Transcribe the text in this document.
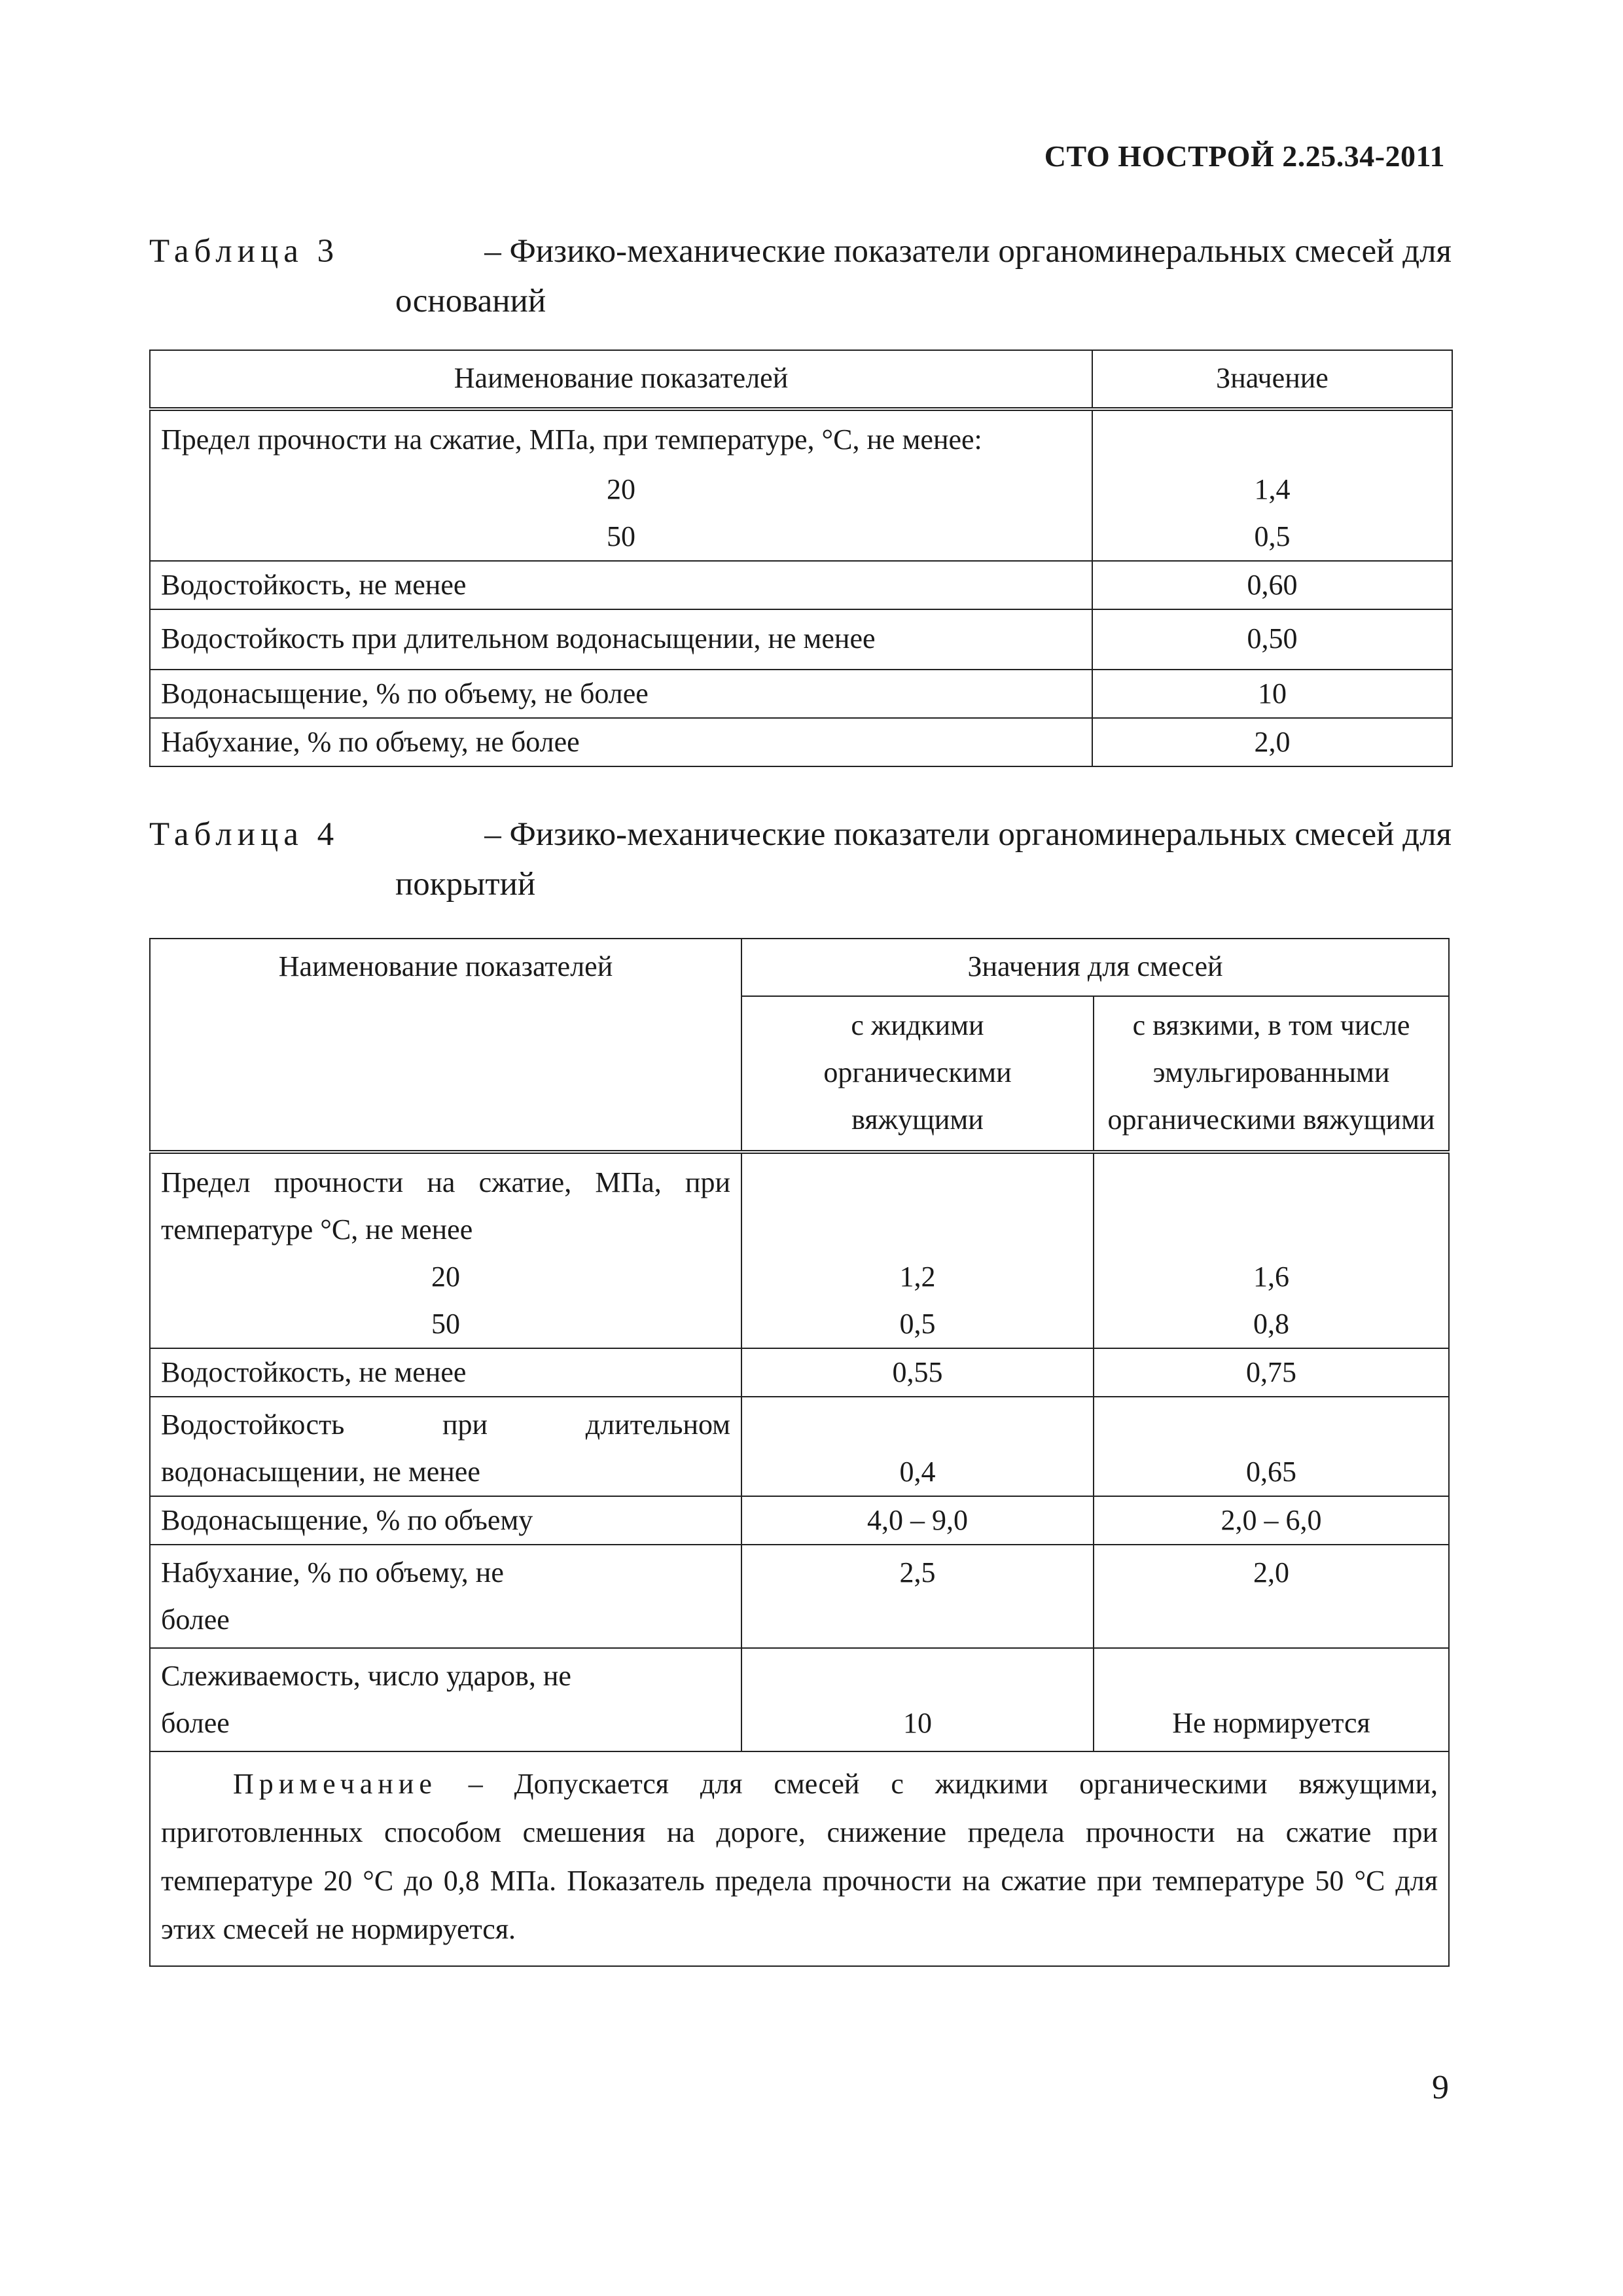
СТО НОСТРОЙ 2.25.34-2011
Таблица 3	– Физико-механические показатели органоминеральных смесей для
оснований
Наименование показателей	Значение
Предел прочности на сжатие, МПа, при температуре, °С, не менее:	
20	1,4
50	0,5
Водостойкость, не менее	0,60
Водостойкость при длительном водонасыщении, не менее	0,50
Водонасыщение, % по объему, не более	10
Набухание, % по объему, не более	2,0
Таблица 4	– Физико-механические показатели органоминеральных смесей для
покрытий
Наименование показателей	Значения для смесей	
	с жидкими органическими вяжущими	с вязкими, в том числе эмульгированными органическими вяжущими
Предел прочности на сжатие, МПа, при температуре °С, не менее		
20	1,2	1,6
50	0,5	0,8
Водостойкость, не менее	0,55	0,75
Водостойкость при длительном водонасыщении, не менее	0,4	0,65
Водонасыщение, % по объему	4,0 – 9,0	2,0 – 6,0
Набухание, % по объему, не более	2,5	2,0
Слеживаемость, число ударов, не более	10	Не нормируется
Примечание – Допускается для смесей с жидкими органическими вяжущими, приготовленных способом смешения на дороге, снижение предела прочности на сжатие при температуре 20 °С до 0,8 МПа. Показатель предела прочности на сжатие при температуре 50 °С для этих смесей не нормируется.		
9
